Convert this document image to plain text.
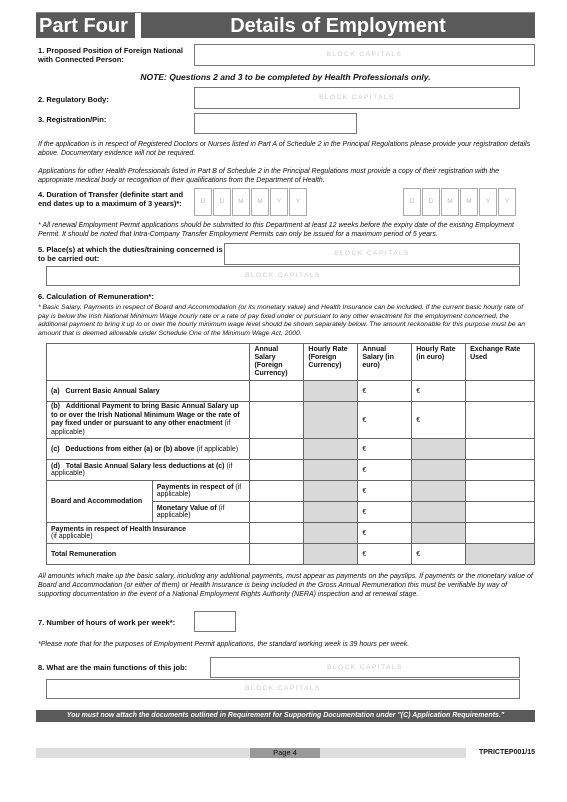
Part Four	Details of Employment
1. Proposed Position of Foreign National with Connected Person:
BLOCK CAPITALS
NOTE: Questions 2 and 3 to be completed by Health Professionals only.
2. Regulatory Body:	BLOCK CAPITALS
3. Registration/Pin:
If the application is in respect of Registered Doctors or Nurses listed in Part A of Schedule 2 in the Principal Regulations please provide your registration details above. Documentary evidence will not be required.
Applications for other Health Professionals listed in Part B of Schedule 2 in the Principal Regulations must provide a copy of their registration with the appropriate medical body or recognition of their qualifications from the Department of Health.
4. Duration of Transfer (definite start and end dates up to a maximum of 3 years)*:	D	D	M	M	Y	Y	D	D	M	M	Y	Y
* All renewal Employment Permit applications should be submitted to this Department at least 12 weeks before the expiry date of the existing Employment Permit. It should be noted that Intra-Company Transfer Employment Permits can only be issued for a maximum period of 5 years.
5. Place(s) at which the duties/training concerned is to be carried out:
BLOCK CAPITALS
BLOCK CAPITALS
6. Calculation of Remuneration*:
* Basic Salary, Payments in respect of Board and Accommodation (or its monetary value) and Health Insurance can be included. If the current basic hourly rate of pay is below the Irish National Minimum Wage hourly rate or a rate of pay fixed under or pursuant to any other enactment for the employment concerned, the additional payment to bring it up to or over the hourly minimum wage level should be shown separately below. The amount reckonable for this purpose must be an amount that is deemed allowable under Schedule One of the Minimum Wage Act, 2000.
		Annual Salary (Foreign Currency)	Hourly Rate (Foreign Currency)	Annual Salary (in euro)	Hourly Rate (in euro)	Exchange Rate Used
(a) Current Basic Annual Salary				€	€	
(b) Additional Payment to bring Basic Annual Salary up to or over the Irish National Minimum Wage or the rate of pay fixed under or pursuant to any other enactment (if applicable)				€	€	
(c) Deductions from either (a) or (b) above (if applicable)				€		
(d) Total Basic Annual Salary less deductions at (c) (if applicable)				€		
Board and Accommodation	Payments in respect of (if applicable)			€		
	Monetary Value of (if applicable)			€		
Payments in respect of Health Insurance
(if applicable)				€		
Total Remuneration				€	€	
All amounts which make up the basic salary, including any additional payments, must appear as payments on the payslips. If payments or the monetary value of Board and Accommodation (or either of them) or Health Insurance is being included in the Gross Annual Remuneration this must be verifiable by way of supporting documentation in the event of a National Employment Rights Authority (NERA) inspection and at renewal stage.
7. Number of hours of work per week*:
*Please note that for the purposes of Employment Permit applications, the standard working week is 39 hours per week.
8. What are the main functions of this job:	BLOCK CAPITALS
BLOCK CAPITALS
You must now attach the documents outlined in Requirement for Supporting Documentation under "(C) Application Requirements."
Page 4	TPRICTEP001/15
